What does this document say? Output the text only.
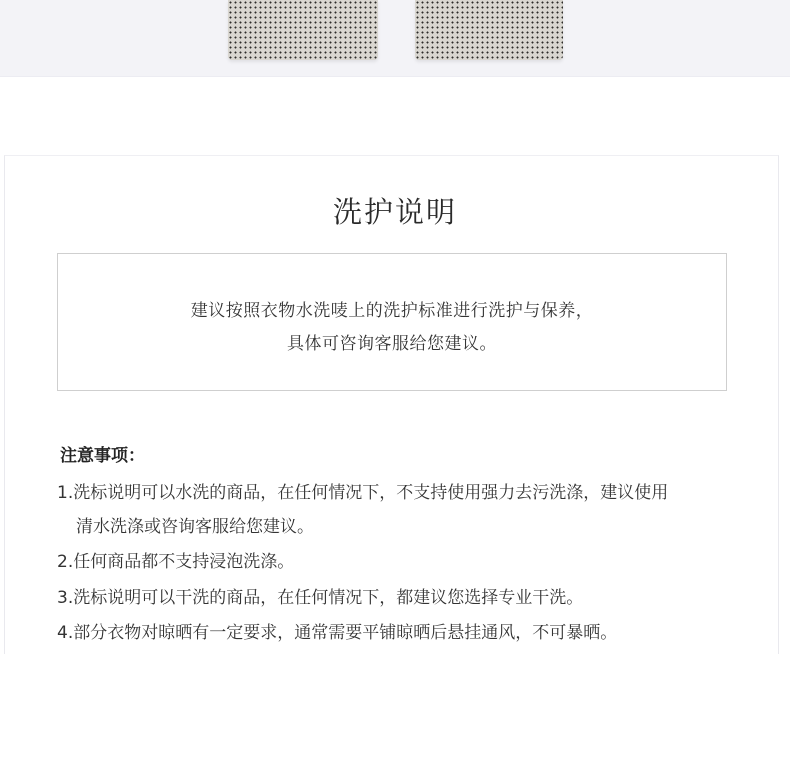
洗护说明
建议按照衣物水洗唛上的洗护标准进行洗护与保养，
具体可咨询客服给您建议。
注意事项：
1.洗标说明可以水洗的商品，在任何情况下，不支持使用强力去污洗涤，建议使用
清水洗涤或咨询客服给您建议。
2.任何商品都不支持浸泡洗涤。
3.洗标说明可以干洗的商品，在任何情况下，都建议您选择专业干洗。
4.部分衣物对晾晒有一定要求，通常需要平铺晾晒后悬挂通风，不可暴晒。
